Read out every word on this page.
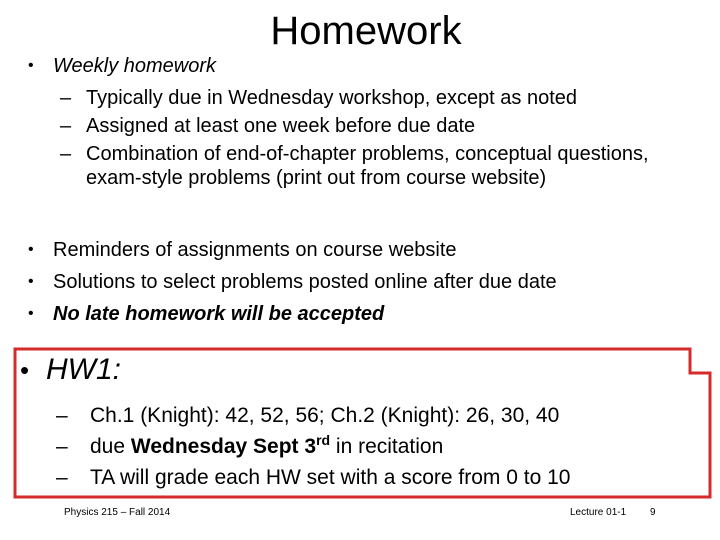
Homework
• Weekly homework
– Typically due in Wednesday workshop, except as noted
– Assigned at least one week before due date
– Combination of end-of-chapter problems, conceptual questions,
exam-style problems (print out from course website)
• Reminders of assignments on course website
• Solutions to select problems posted online after due date
• No late homework will be accepted
• HW1:
– Ch.1 (Knight): 42, 52, 56; Ch.2 (Knight): 26, 30, 40
– due Wednesday Sept 3rd in recitation
– TA will grade each HW set with a score from 0 to 10
Physics 215 – Fall 2014	Lecture 01-1 9
